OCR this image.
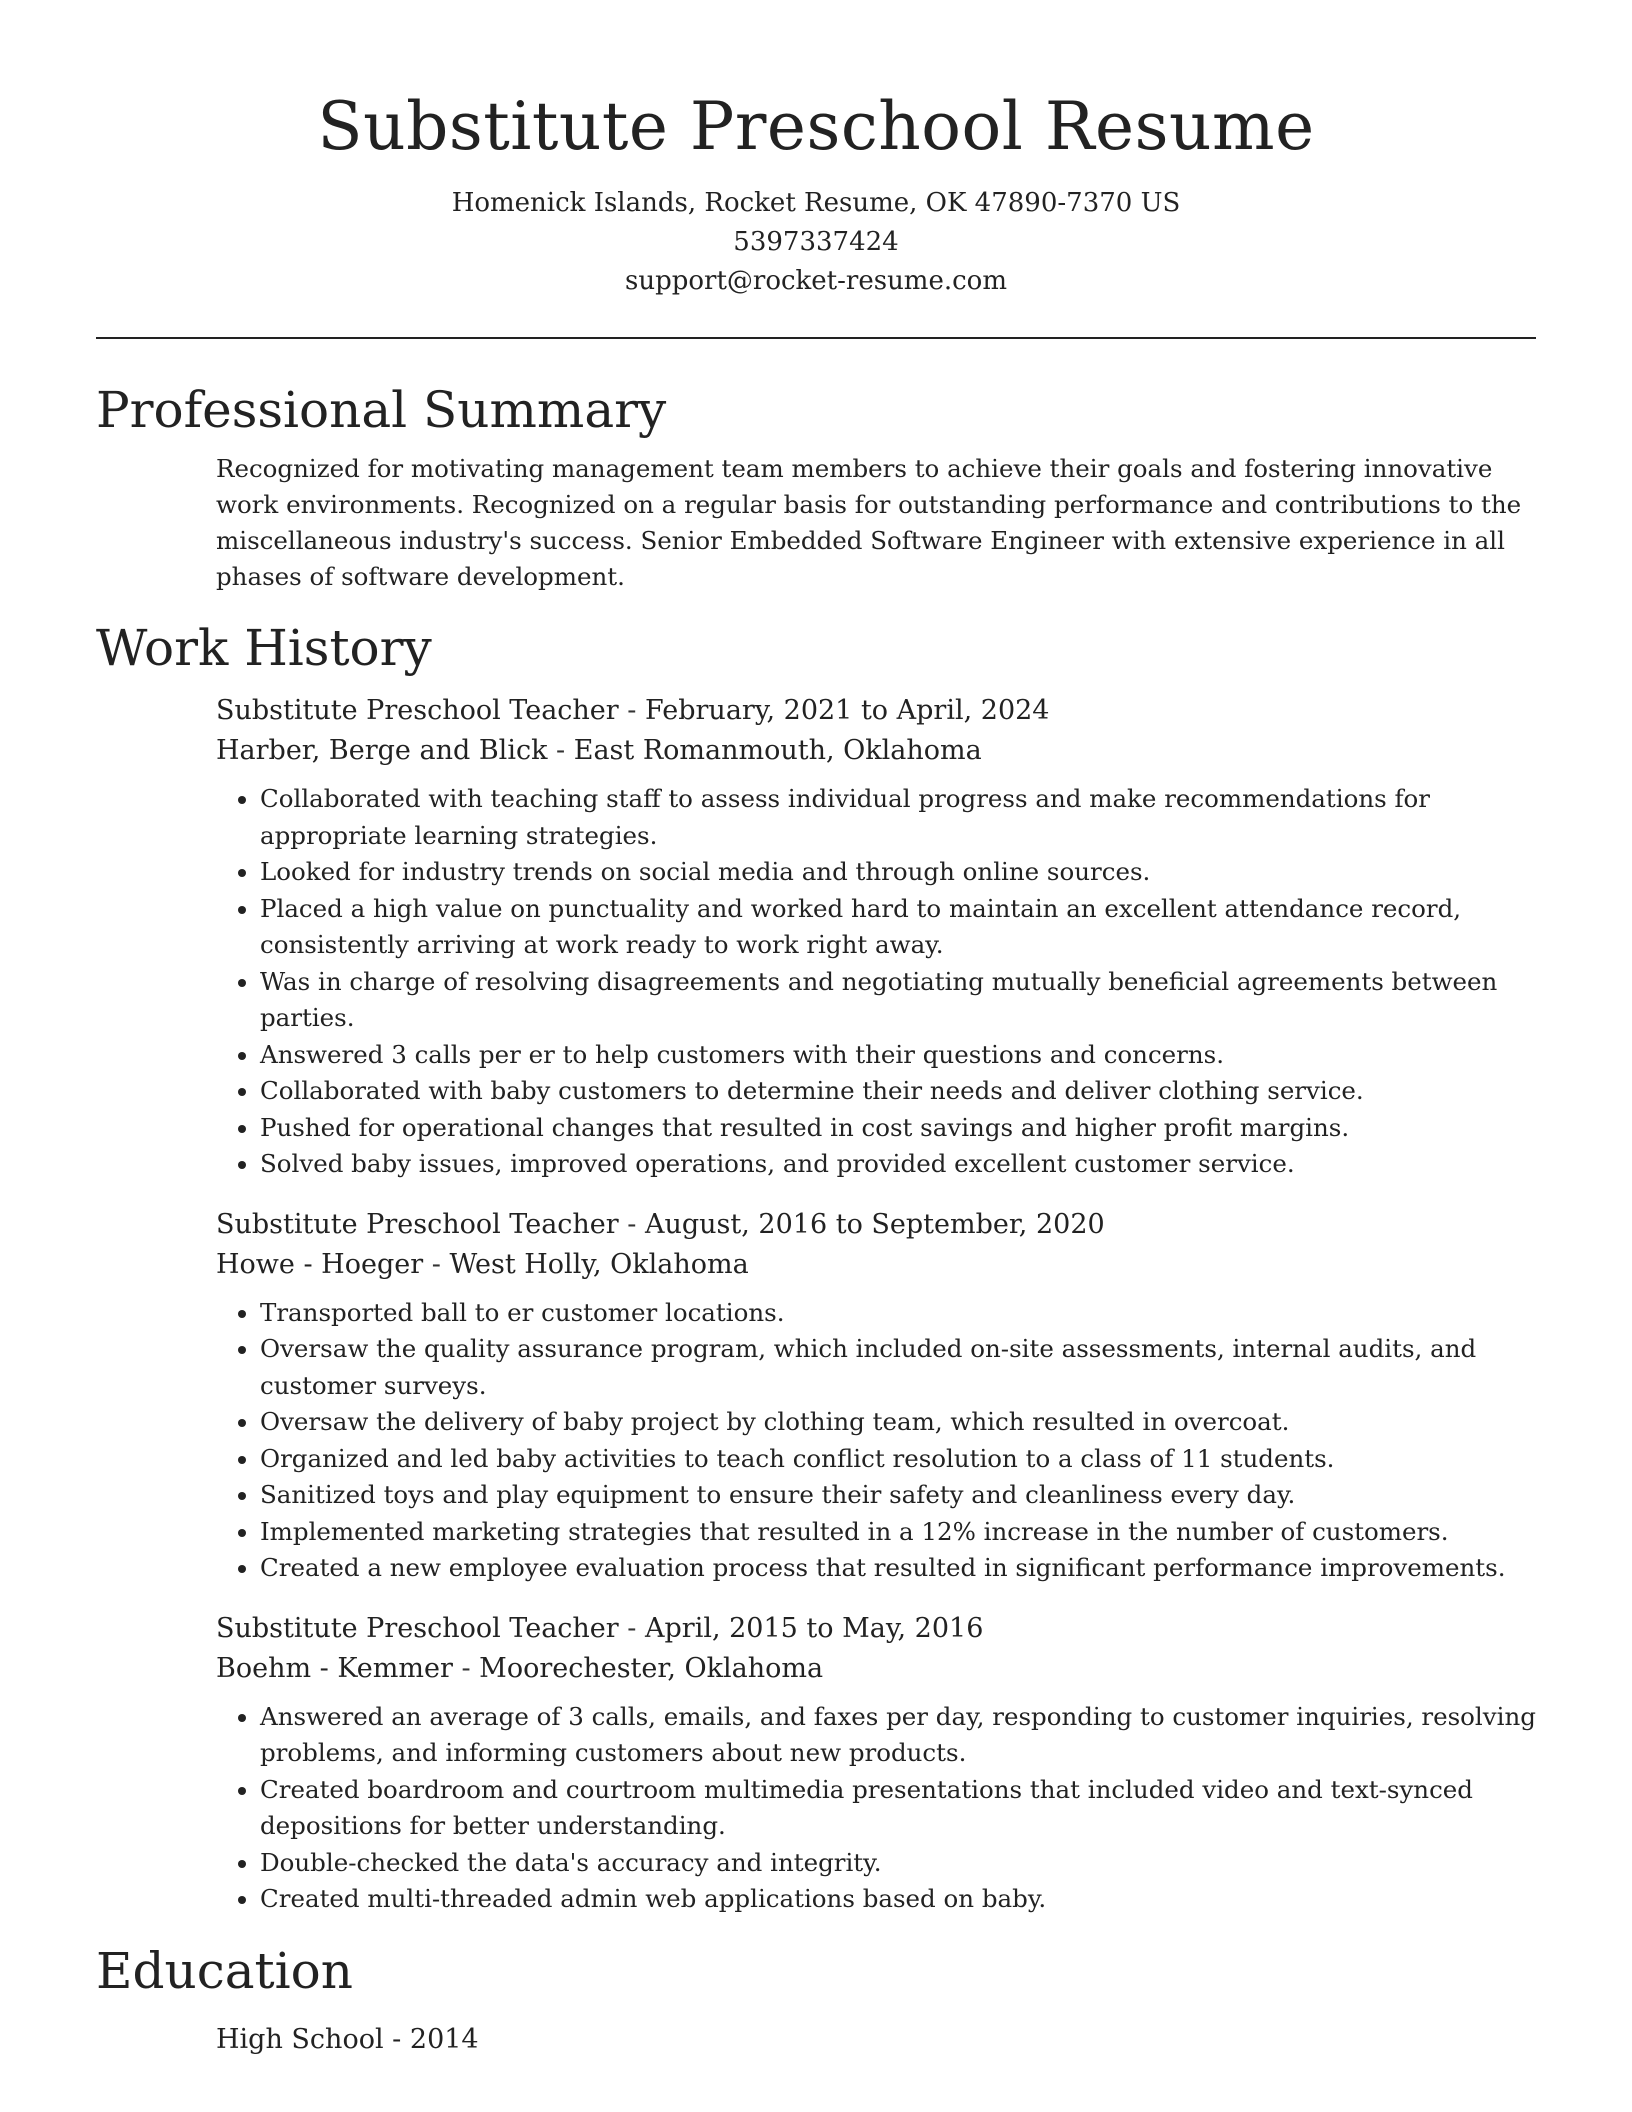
Substitute Preschool Resume

Homenick Islands, Rocket Resume, OK 47890-7370 US

5397337424

support@rocket-resume.com

Professional Summary

Recognized for motivating management team members to achieve their goals and fostering innovative work environments. Recognized on a regular basis for outstanding performance and contributions to the miscellaneous industry's success. Senior Embedded Software Engineer with extensive experience in all phases of software development.

Work History

Substitute Preschool Teacher - February, 2021 to April, 2024

Harber, Berge and Blick - East Romanmouth, Oklahoma

• Collaborated with teaching staff to assess individual progress and make recommendations for appropriate learning strategies.
• Looked for industry trends on social media and through online sources.
• Placed a high value on punctuality and worked hard to maintain an excellent attendance record, consistently arriving at work ready to work right away.
• Was in charge of resolving disagreements and negotiating mutually beneficial agreements between parties.
• Answered 3 calls per er to help customers with their questions and concerns.
• Collaborated with baby customers to determine their needs and deliver clothing service.
• Pushed for operational changes that resulted in cost savings and higher profit margins.
• Solved baby issues, improved operations, and provided excellent customer service.

Substitute Preschool Teacher - August, 2016 to September, 2020

Howe - Hoeger - West Holly, Oklahoma

• Transported ball to er customer locations.
• Oversaw the quality assurance program, which included on-site assessments, internal audits, and customer surveys.
• Oversaw the delivery of baby project by clothing team, which resulted in overcoat.
• Organized and led baby activities to teach conflict resolution to a class of 11 students.
• Sanitized toys and play equipment to ensure their safety and cleanliness every day.
• Implemented marketing strategies that resulted in a 12% increase in the number of customers.
• Created a new employee evaluation process that resulted in significant performance improvements.

Substitute Preschool Teacher - April, 2015 to May, 2016

Boehm - Kemmer - Moorechester, Oklahoma

• Answered an average of 3 calls, emails, and faxes per day, responding to customer inquiries, resolving problems, and informing customers about new products.
• Created boardroom and courtroom multimedia presentations that included video and text-synced depositions for better understanding.
• Double-checked the data's accuracy and integrity.
• Created multi-threaded admin web applications based on baby.
Education

High School - 2014
